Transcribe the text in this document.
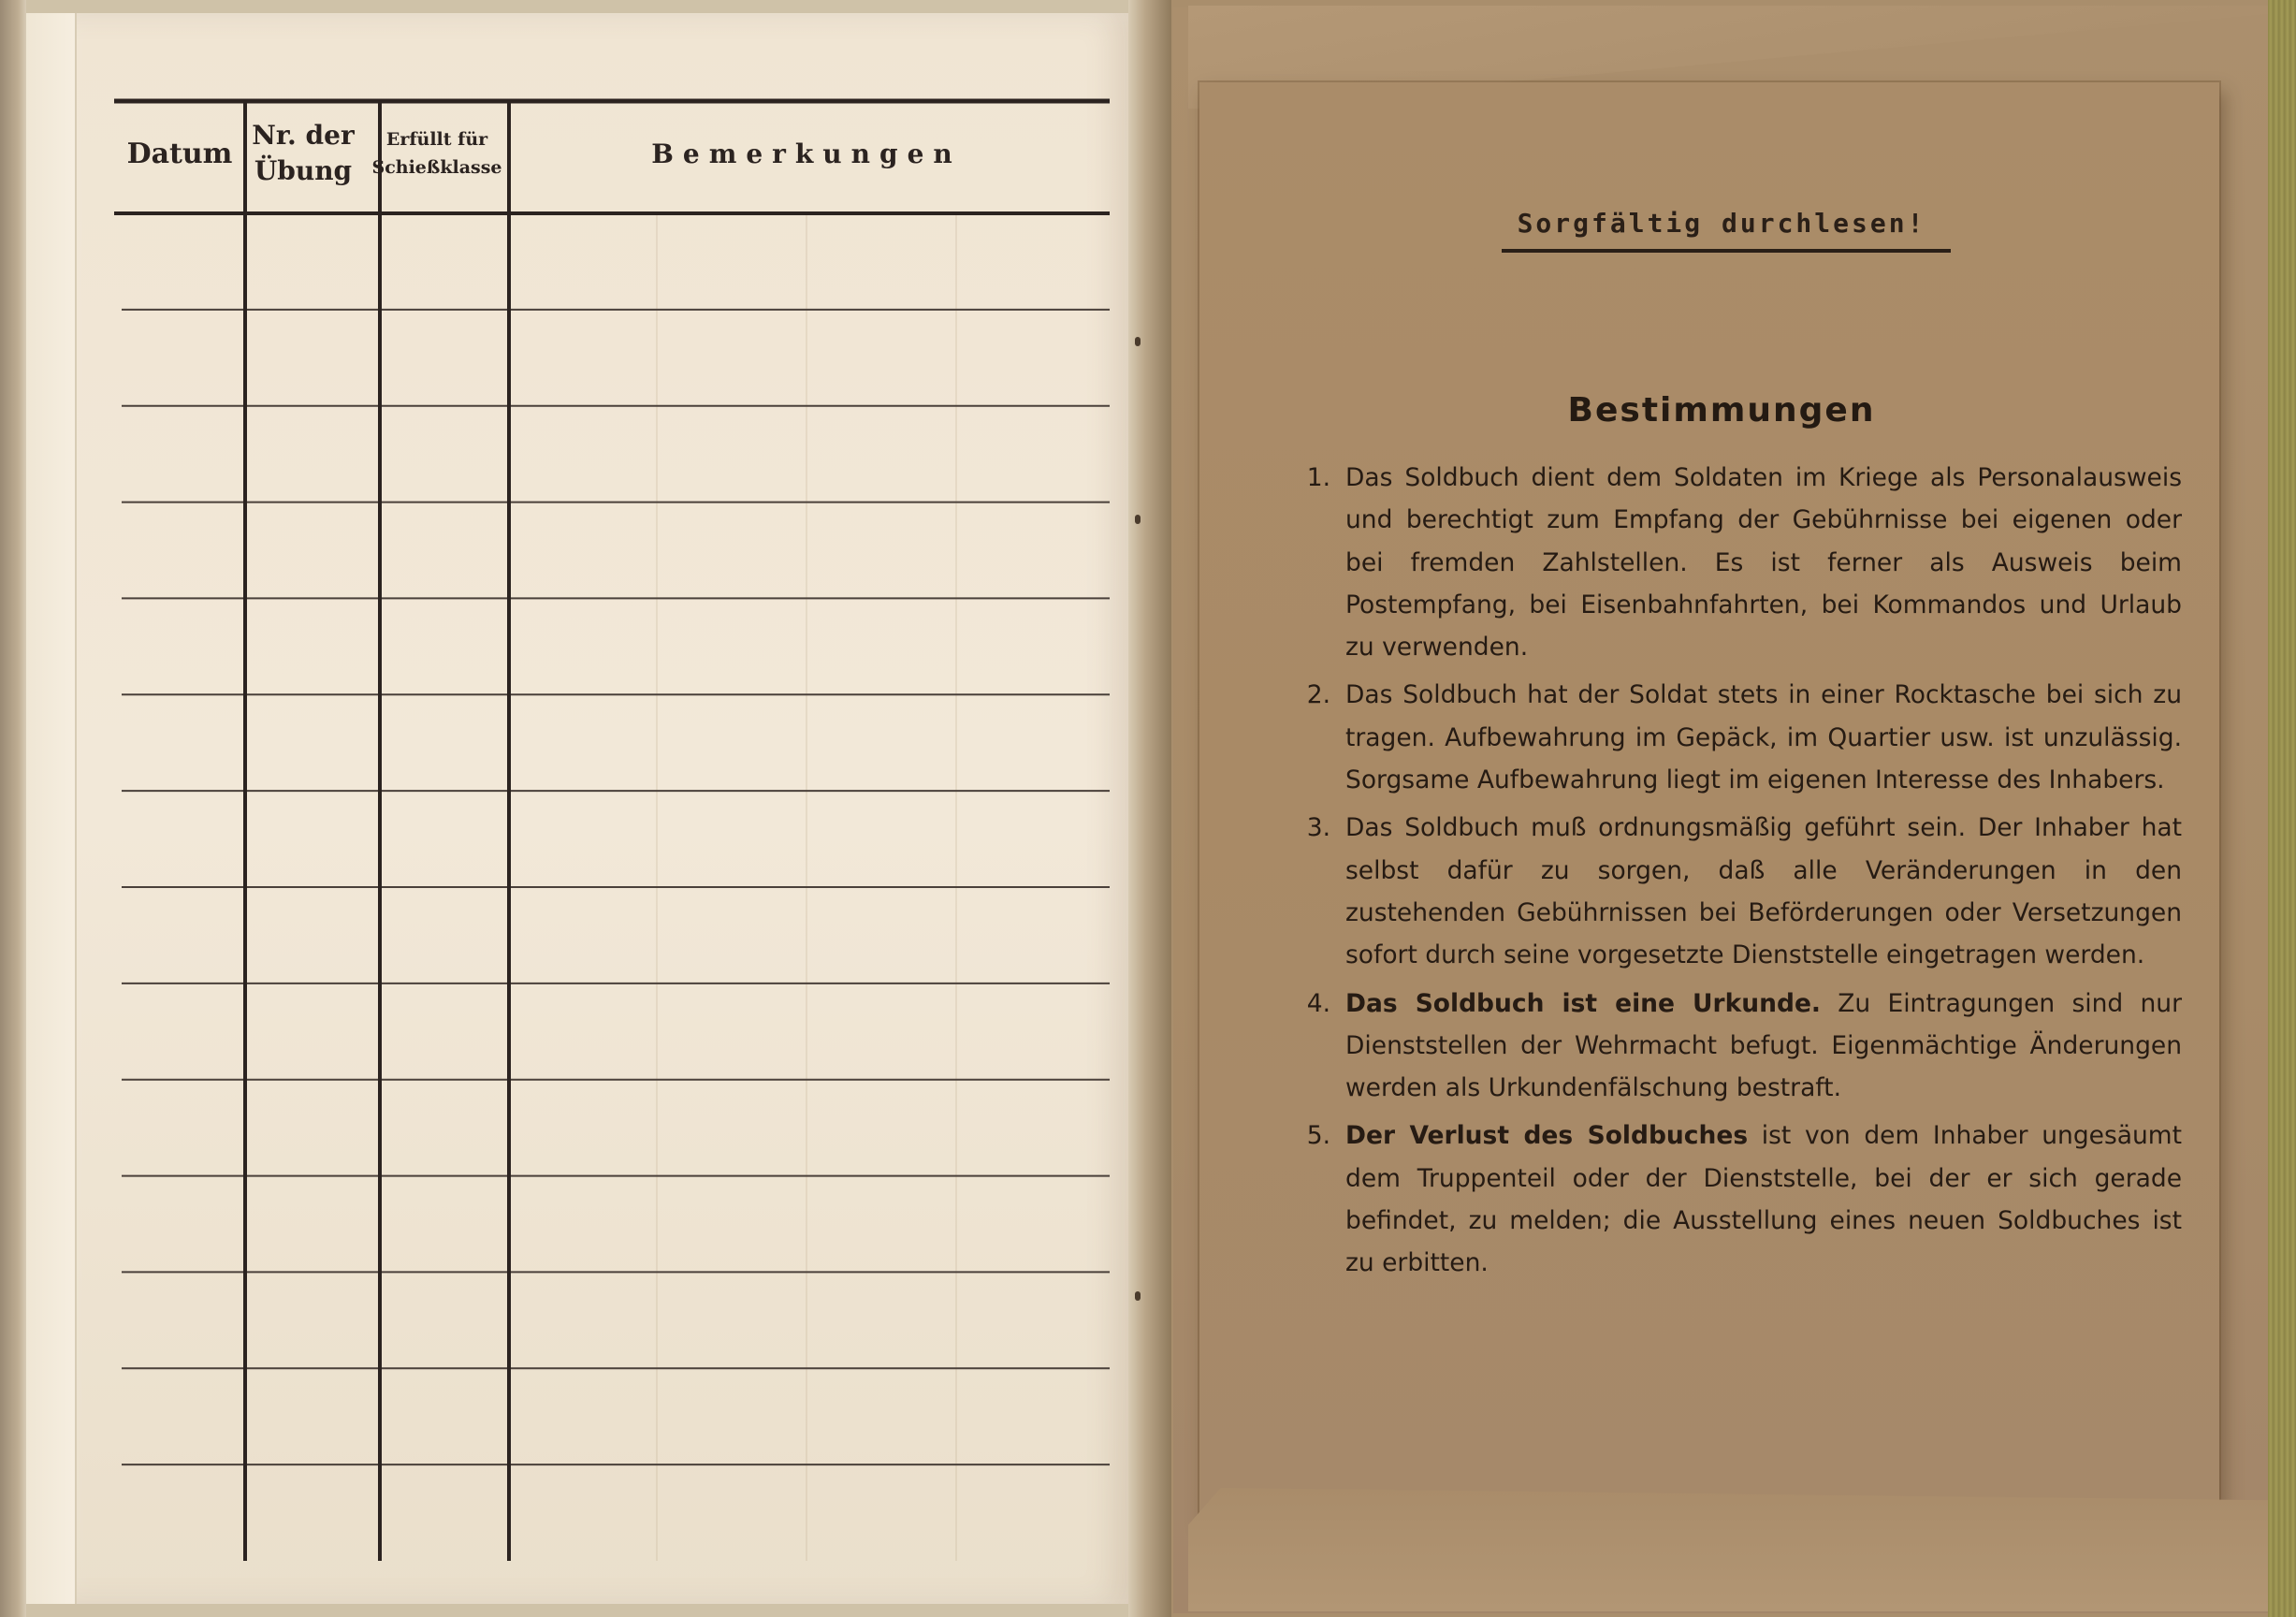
Datum
Nr. der
Übung
Erfüllt für
Schießklasse	Bemerkungen
Sorgfältig durchlesen!
Bestimmungen
1. Das Soldbuch dient dem Soldaten im Kriege als Personalausweis und berechtigt zum Empfang der Gebührnisse bei eigenen oder bei fremden Zahlstellen. Es ist ferner als Ausweis beim Postempfang, bei Eisenbahnfahrten, bei Kommandos und Urlaub zu verwenden.
2. Das Soldbuch hat der Soldat stets in einer Rocktasche bei sich zu tragen. Aufbewahrung im Gepäck, im Quartier usw. ist unzulässig. Sorgsame Aufbewahrung liegt im eigenen Interesse des Inhabers.
3. Das Soldbuch muß ordnungsmäßig geführt sein. Der Inhaber hat selbst dafür zu sorgen, daß alle Veränderungen in den zustehenden Gebührnissen bei Beförderungen oder Versetzungen sofort durch seine vorgesetzte Dienststelle eingetragen werden.
4. Das Soldbuch ist eine Urkunde. Zu Eintragungen sind nur Dienststellen der Wehrmacht befugt. Eigenmächtige Änderungen werden als Urkundenfälschung bestraft.
5. Der Verlust des Soldbuches ist von dem Inhaber ungesäumt dem Truppenteil oder der Dienststelle, bei der er sich gerade befindet, zu melden; die Ausstellung eines neuen Soldbuches ist zu erbitten.
